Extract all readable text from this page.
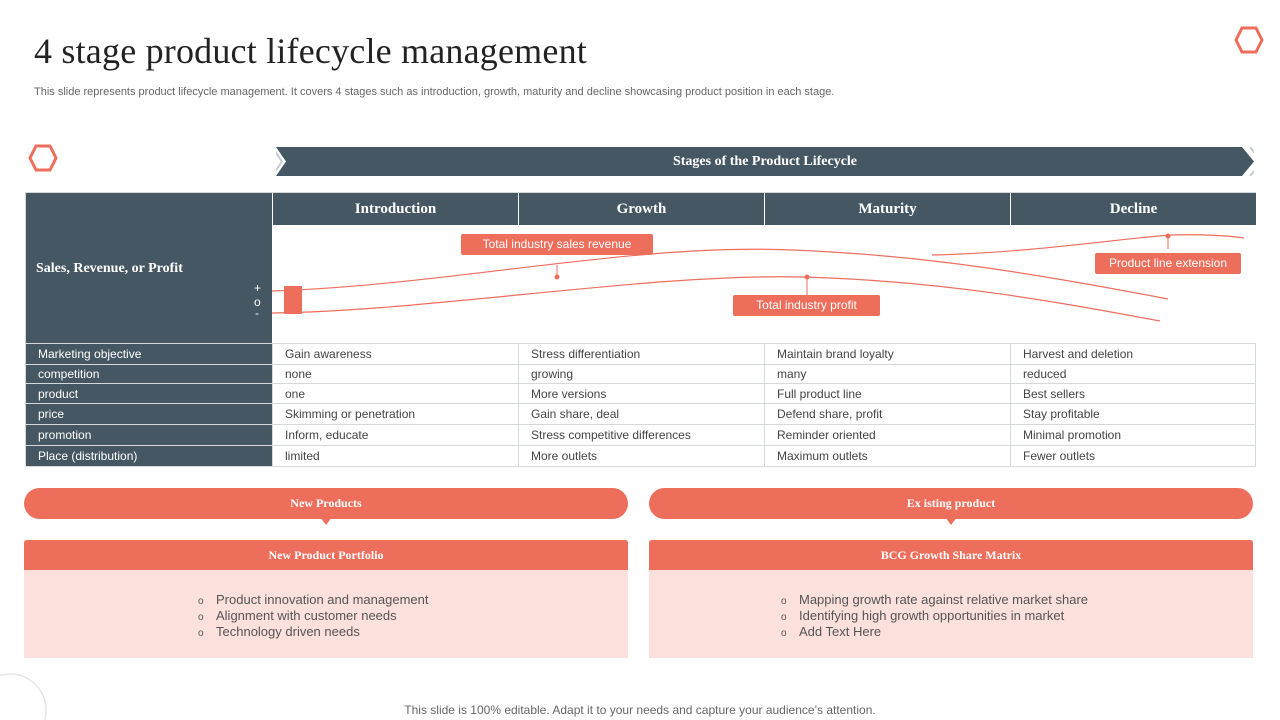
4 stage product lifecycle management
This slide represents product lifecycle management. It covers 4 stages such as introduction, growth, maturity and decline showcasing product position in each stage.
Stages of the Product Lifecycle
Sales, Revenue, or Profit
+
o
-
Introduction	Growth	Maturity	Decline
Total industry sales revenue
Total industry profit
Product line extension
Marketing objective	Gain awareness	Stress differentiation	Maintain brand loyalty	Harvest and deletion
competition	none	growing	many	reduced
product	one	More versions	Full product line	Best sellers
price	Skimming or penetration	Gain share, deal	Defend share, profit	Stay profitable
promotion	Inform, educate	Stress competitive differences	Reminder oriented	Minimal promotion
Place (distribution)	limited	More outlets	Maximum outlets	Fewer outlets
New Products	Ex isting product
New Product Portfolio
o Product innovation and management
o Alignment with customer needs
o Technology driven needs
BCG Growth Share Matrix
o Mapping growth rate against relative market share
o Identifying high growth opportunities in market
o Add Text Here
This slide is 100% editable. Adapt it to your needs and capture your audience’s attention.
